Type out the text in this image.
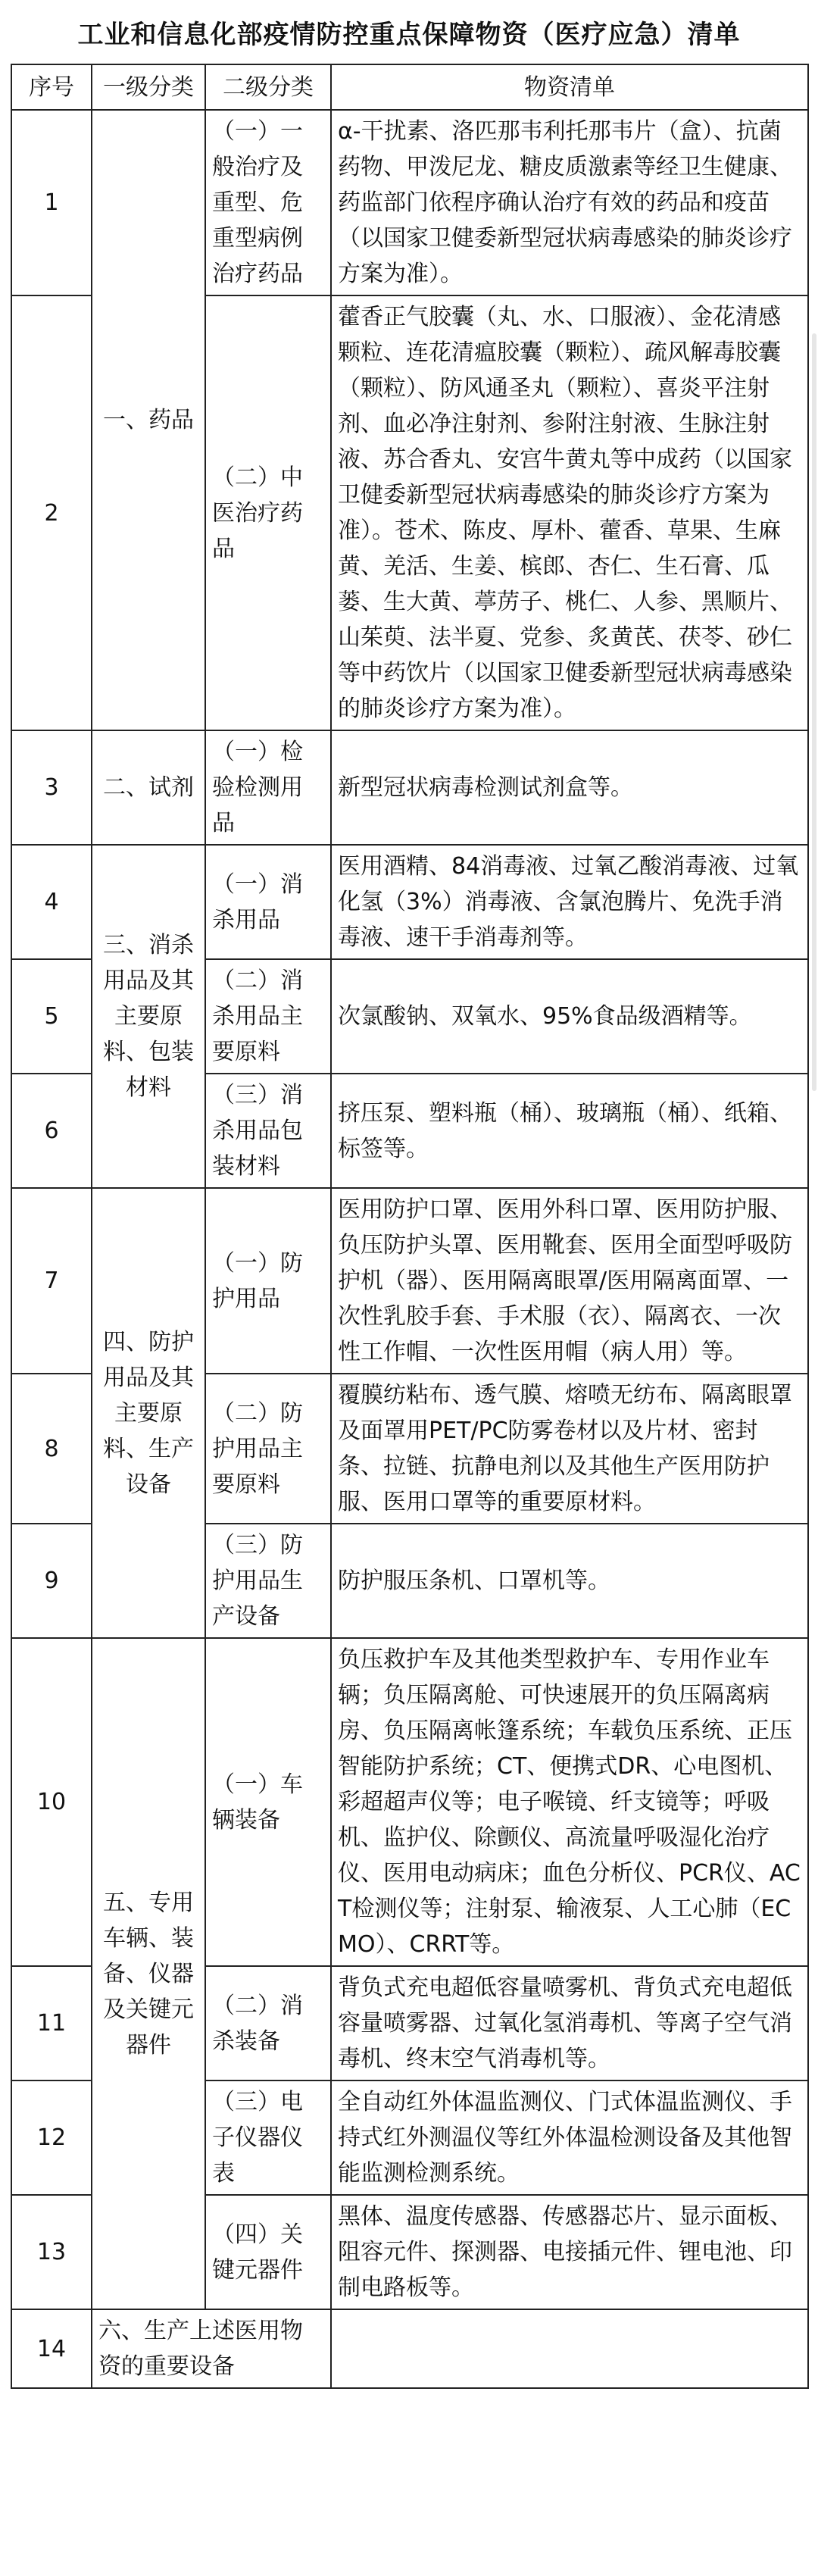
工业和信息化部疫情防控重点保障物资（医疗应急）清单
序号	一级分类	二级分类	物资清单
1	一、药品	（一）一般治疗及重型、危重型病例治疗药品	α-干扰素、洛匹那韦利托那韦片（盒）、抗菌药物、甲泼尼龙、糖皮质激素等经卫生健康、药监部门依程序确认治疗有效的药品和疫苗（以国家卫健委新型冠状病毒感染的肺炎诊疗方案为准）。
2		（二）中医治疗药品	藿香正气胶囊（丸、水、口服液）、金花清感颗粒、连花清瘟胶囊（颗粒）、疏风解毒胶囊（颗粒）、防风通圣丸（颗粒）、喜炎平注射剂、血必净注射剂、参附注射液、生脉注射液、苏合香丸、安宫牛黄丸等中成药（以国家卫健委新型冠状病毒感染的肺炎诊疗方案为准）。苍术、陈皮、厚朴、藿香、草果、生麻黄、羌活、生姜、槟郎、杏仁、生石膏、瓜蒌、生大黄、葶苈子、桃仁、人参、黑顺片、山茱萸、法半夏、党参、炙黄芪、茯苓、砂仁等中药饮片（以国家卫健委新型冠状病毒感染的肺炎诊疗方案为准）。
3	二、试剂	（一）检验检测用品	新型冠状病毒检测试剂盒等。
4	三、消杀用品及其主要原料、包装材料	（一）消杀用品	医用酒精、84消毒液、过氧乙酸消毒液、过氧化氢（3%）消毒液、含氯泡腾片、免洗手消毒液、速干手消毒剂等。
5		（二）消杀用品主要原料	次氯酸钠、双氧水、95%食品级酒精等。
6		（三）消杀用品包装材料	挤压泵、塑料瓶（桶）、玻璃瓶（桶）、纸箱、标签等。
7	四、防护用品及其主要原料、生产设备	（一）防护用品	医用防护口罩、医用外科口罩、医用防护服、负压防护头罩、医用靴套、医用全面型呼吸防护机（器）、医用隔离眼罩/医用隔离面罩、一次性乳胶手套、手术服（衣）、隔离衣、一次性工作帽、一次性医用帽（病人用）等。
8		（二）防护用品主要原料	覆膜纺粘布、透气膜、熔喷无纺布、隔离眼罩及面罩用PET/PC防雾卷材以及片材、密封条、拉链、抗静电剂以及其他生产医用防护服、医用口罩等的重要原材料。
9		（三）防护用品生产设备	防护服压条机、口罩机等。
10	五、专用车辆、装备、仪器及关键元器件	（一）车辆装备	负压救护车及其他类型救护车、专用作业车辆；负压隔离舱、可快速展开的负压隔离病房、负压隔离帐篷系统；车载负压系统、正压智能防护系统；CT、便携式DR、心电图机、彩超超声仪等；电子喉镜、纤支镜等；呼吸机、监护仪、除颤仪、高流量呼吸湿化治疗仪、医用电动病床；血色分析仪、PCR仪、ACT检测仪等；注射泵、输液泵、人工心肺（ECMO）、CRRT等。
11		（二）消杀装备	背负式充电超低容量喷雾机、背负式充电超低容量喷雾器、过氧化氢消毒机、等离子空气消毒机、终末空气消毒机等。
12		（三）电子仪器仪表	全自动红外体温监测仪、门式体温监测仪、手持式红外测温仪等红外体温检测设备及其他智能监测检测系统。
13		（四）关键元器件	黑体、温度传感器、传感器芯片、显示面板、阻容元件、探测器、电接插元件、锂电池、印制电路板等。
14	六、生产上述医用物资的重要设备		
